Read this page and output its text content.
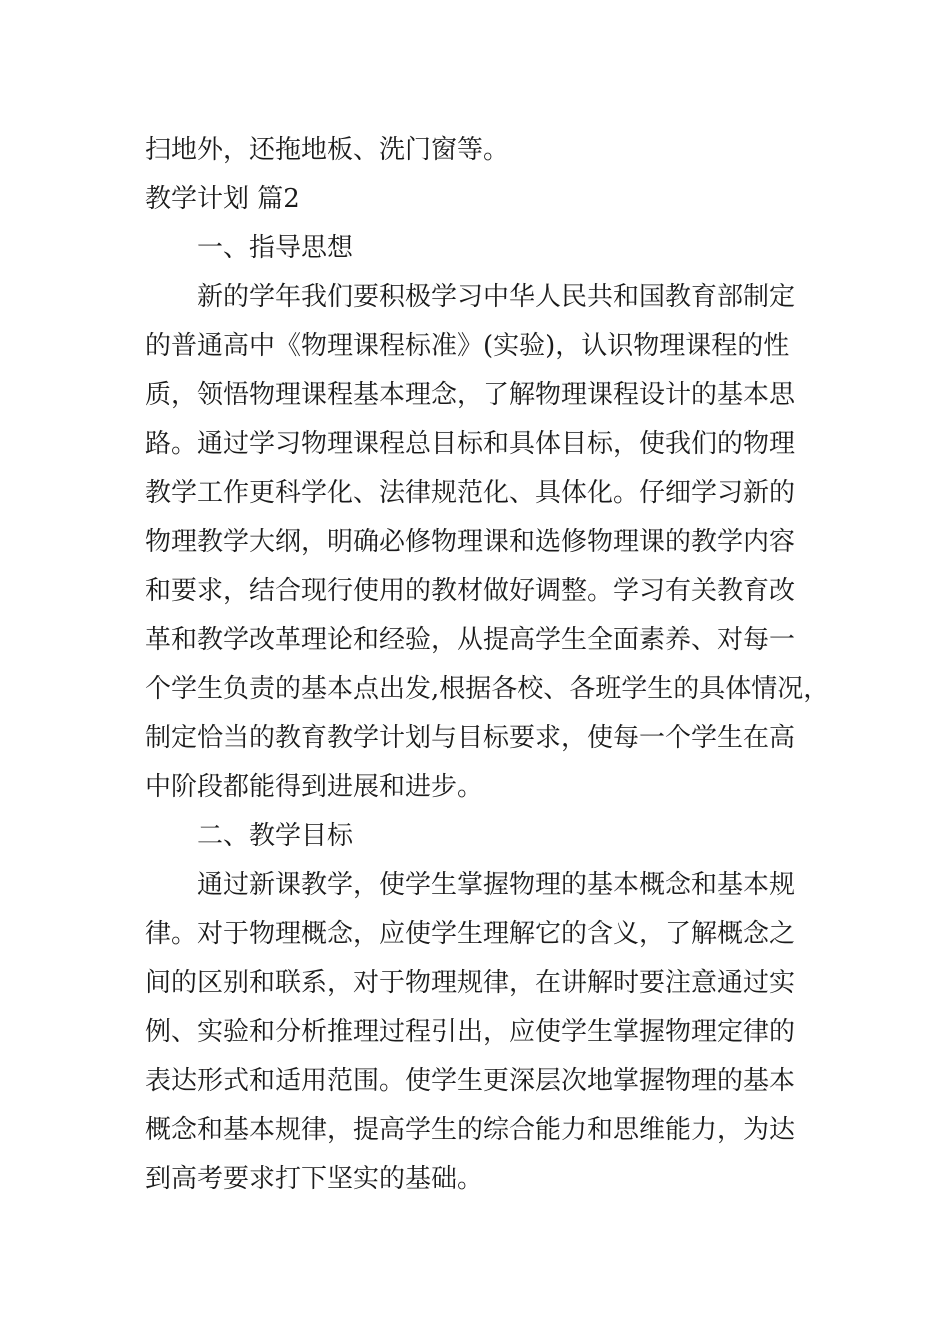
扫地外，还拖地板、洗门窗等。
教学计划 篇2
一、指导思想
新的学年我们要积极学习中华人民共和国教育部制定
的普通高中《物理课程标准》(实验)，认识物理课程的性
质，领悟物理课程基本理念，了解物理课程设计的基本思
路。通过学习物理课程总目标和具体目标，使我们的物理
教学工作更科学化、法律规范化、具体化。仔细学习新的
物理教学大纲，明确必修物理课和选修物理课的教学内容
和要求，结合现行使用的教材做好调整。学习有关教育改
革和教学改革理论和经验，从提高学生全面素养、对每一
个学生负责的基本点出发,根据各校、各班学生的具体情况，
制定恰当的教育教学计划与目标要求，使每一个学生在高
中阶段都能得到进展和进步。
二、教学目标
通过新课教学，使学生掌握物理的基本概念和基本规
律。对于物理概念，应使学生理解它的含义，了解概念之
间的区别和联系，对于物理规律，在讲解时要注意通过实
例、实验和分析推理过程引出，应使学生掌握物理定律的
表达形式和适用范围。使学生更深层次地掌握物理的基本
概念和基本规律，提高学生的综合能力和思维能力，为达
到高考要求打下坚实的基础。
